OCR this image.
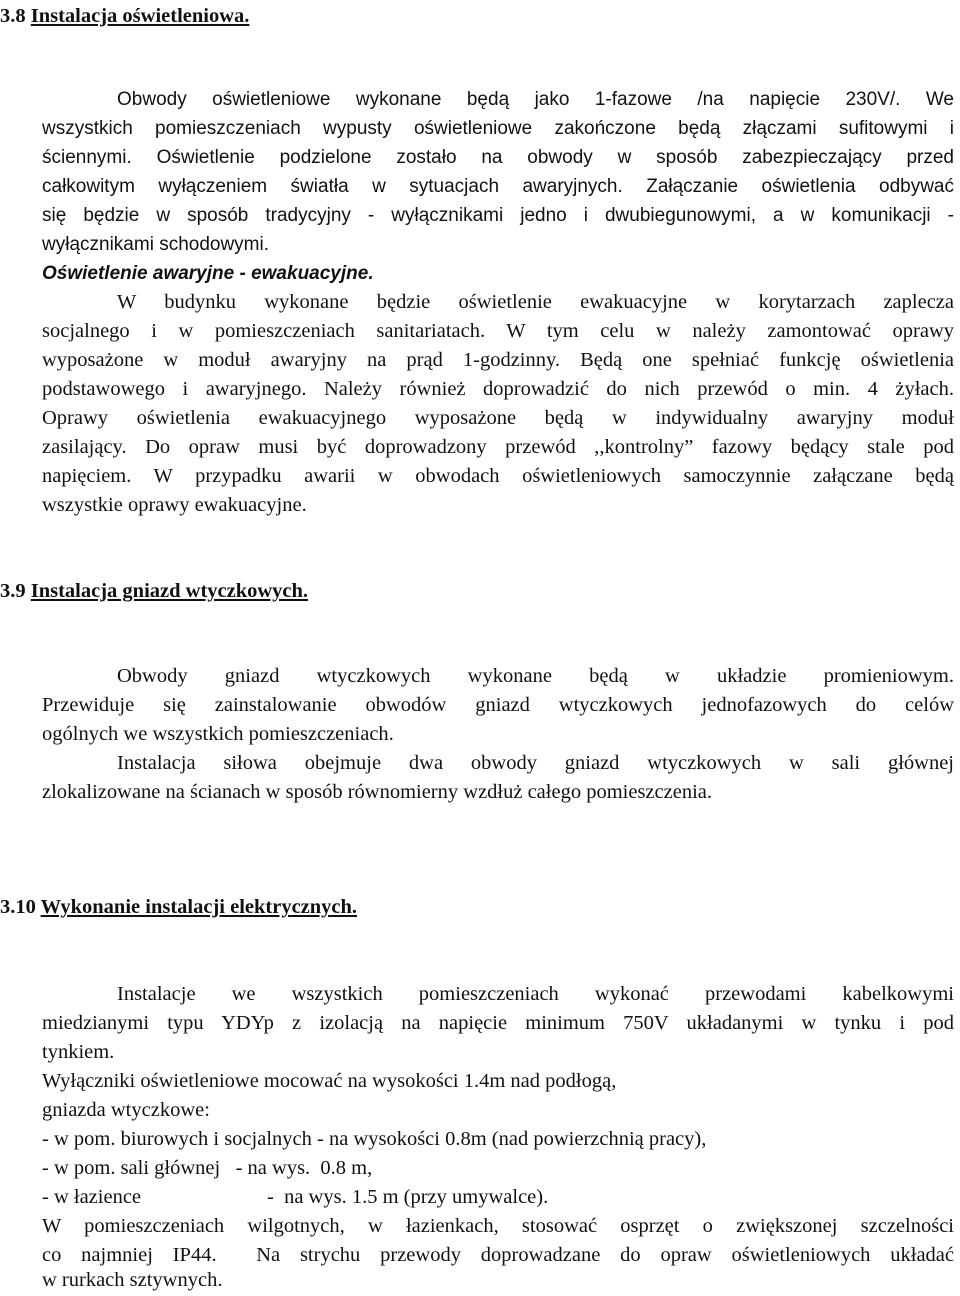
3.8 Instalacja oświetleniowa.
Obwody oświetleniowe wykonane będą jako 1-fazowe /na napięcie 230V/. We
wszystkich pomieszczeniach wypusty oświetleniowe zakończone będą złączami sufitowymi i
ściennymi. Oświetlenie podzielone zostało na obwody w sposób zabezpieczający przed
całkowitym wyłączeniem światła w sytuacjach awaryjnych. Załączanie oświetlenia odbywać
się będzie w sposób tradycyjny - wyłącznikami jedno i dwubiegunowymi, a w komunikacji -
wyłącznikami schodowymi.
Oświetlenie awaryjne - ewakuacyjne.
W budynku wykonane będzie oświetlenie ewakuacyjne w korytarzach zaplecza
socjalnego i w pomieszczeniach sanitariatach. W tym celu w należy zamontować oprawy
wyposażone w moduł awaryjny na prąd 1-godzinny. Będą one spełniać funkcję oświetlenia
podstawowego i awaryjnego. Należy również doprowadzić do nich przewód o min. 4 żyłach.
Oprawy oświetlenia ewakuacyjnego wyposażone będą w indywidualny awaryjny moduł
zasilający. Do opraw musi być doprowadzony przewód ,,kontrolny” fazowy będący stale pod
napięciem. W przypadku awarii w obwodach oświetleniowych samoczynnie załączane będą
wszystkie oprawy ewakuacyjne.
3.9 Instalacja gniazd wtyczkowych.
Obwody gniazd wtyczkowych wykonane będą w układzie promieniowym.
Przewiduje się zainstalowanie obwodów gniazd wtyczkowych jednofazowych do celów
ogólnych we wszystkich pomieszczeniach.
Instalacja siłowa obejmuje dwa obwody gniazd wtyczkowych w sali głównej
zlokalizowane na ścianach w sposób równomierny wzdłuż całego pomieszczenia.
3.10 Wykonanie instalacji elektrycznych.
Instalacje we wszystkich pomieszczeniach wykonać przewodami kabelkowymi
miedzianymi typu YDYp z izolacją na napięcie minimum 750V układanymi w tynku i pod
tynkiem.
Wyłączniki oświetleniowe mocować na wysokości 1.4m nad podłogą,
gniazda wtyczkowe:
- w pom. biurowych i socjalnych - na wysokości 0.8m (nad powierzchnią pracy),
- w pom. sali głównej   - na wys.  0.8 m,
- w łazience	-  na wys. 1.5 m (przy umywalce).
W pomieszczeniach wilgotnych, w łazienkach, stosować osprzęt o zwiększonej szczelności
co najmniej IP44.  Na strychu przewody doprowadzane do opraw oświetleniowych układać
w rurkach sztywnych.
